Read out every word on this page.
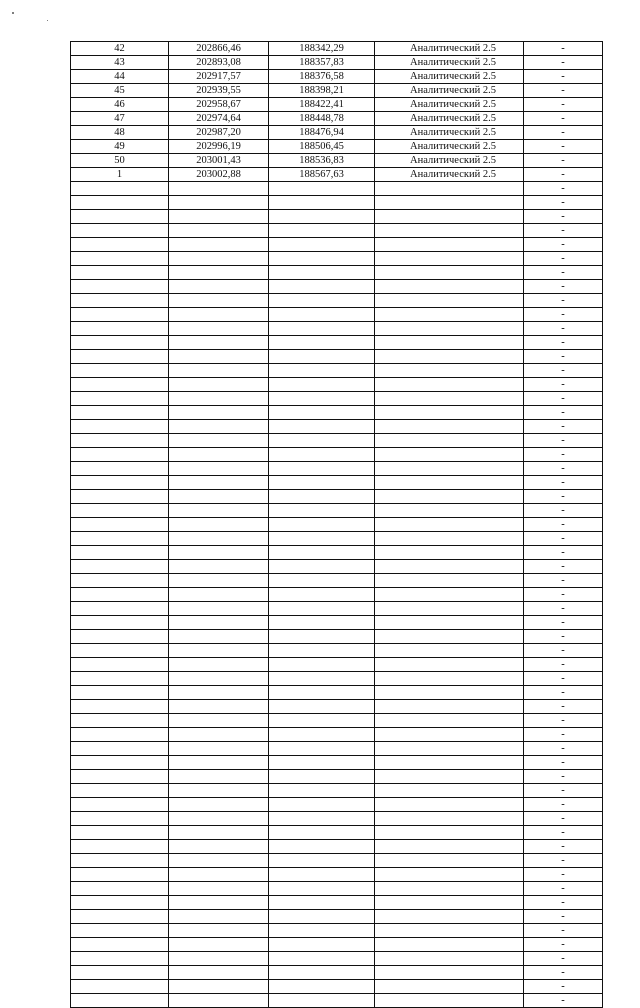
42	202866,46	188342,29	Аналитический 2.5	-
43	202893,08	188357,83	Аналитический 2.5	-
44	202917,57	188376,58	Аналитический 2.5	-
45	202939,55	188398,21	Аналитический 2.5	-
46	202958,67	188422,41	Аналитический 2.5	-
47	202974,64	188448,78	Аналитический 2.5	-
48	202987,20	188476,94	Аналитический 2.5	-
49	202996,19	188506,45	Аналитический 2.5	-
50	203001,43	188536,83	Аналитический 2.5	-
1	203002,88	188567,63	Аналитический 2.5	-
				-
				-
				-
				-
				-
				-
				-
				-
				-
				-
				-
				-
				-
				-
				-
				-
				-
				-
				-
				-
				-
				-
				-
				-
				-
				-
				-
				-
				-
				-
				-
				-
				-
				-
				-
				-
				-
				-
				-
				-
				-
				-
				-
				-
				-
				-
				-
				-
				-
				-
				-
				-
				-
				-
				-
				-
				-
				-
				-
